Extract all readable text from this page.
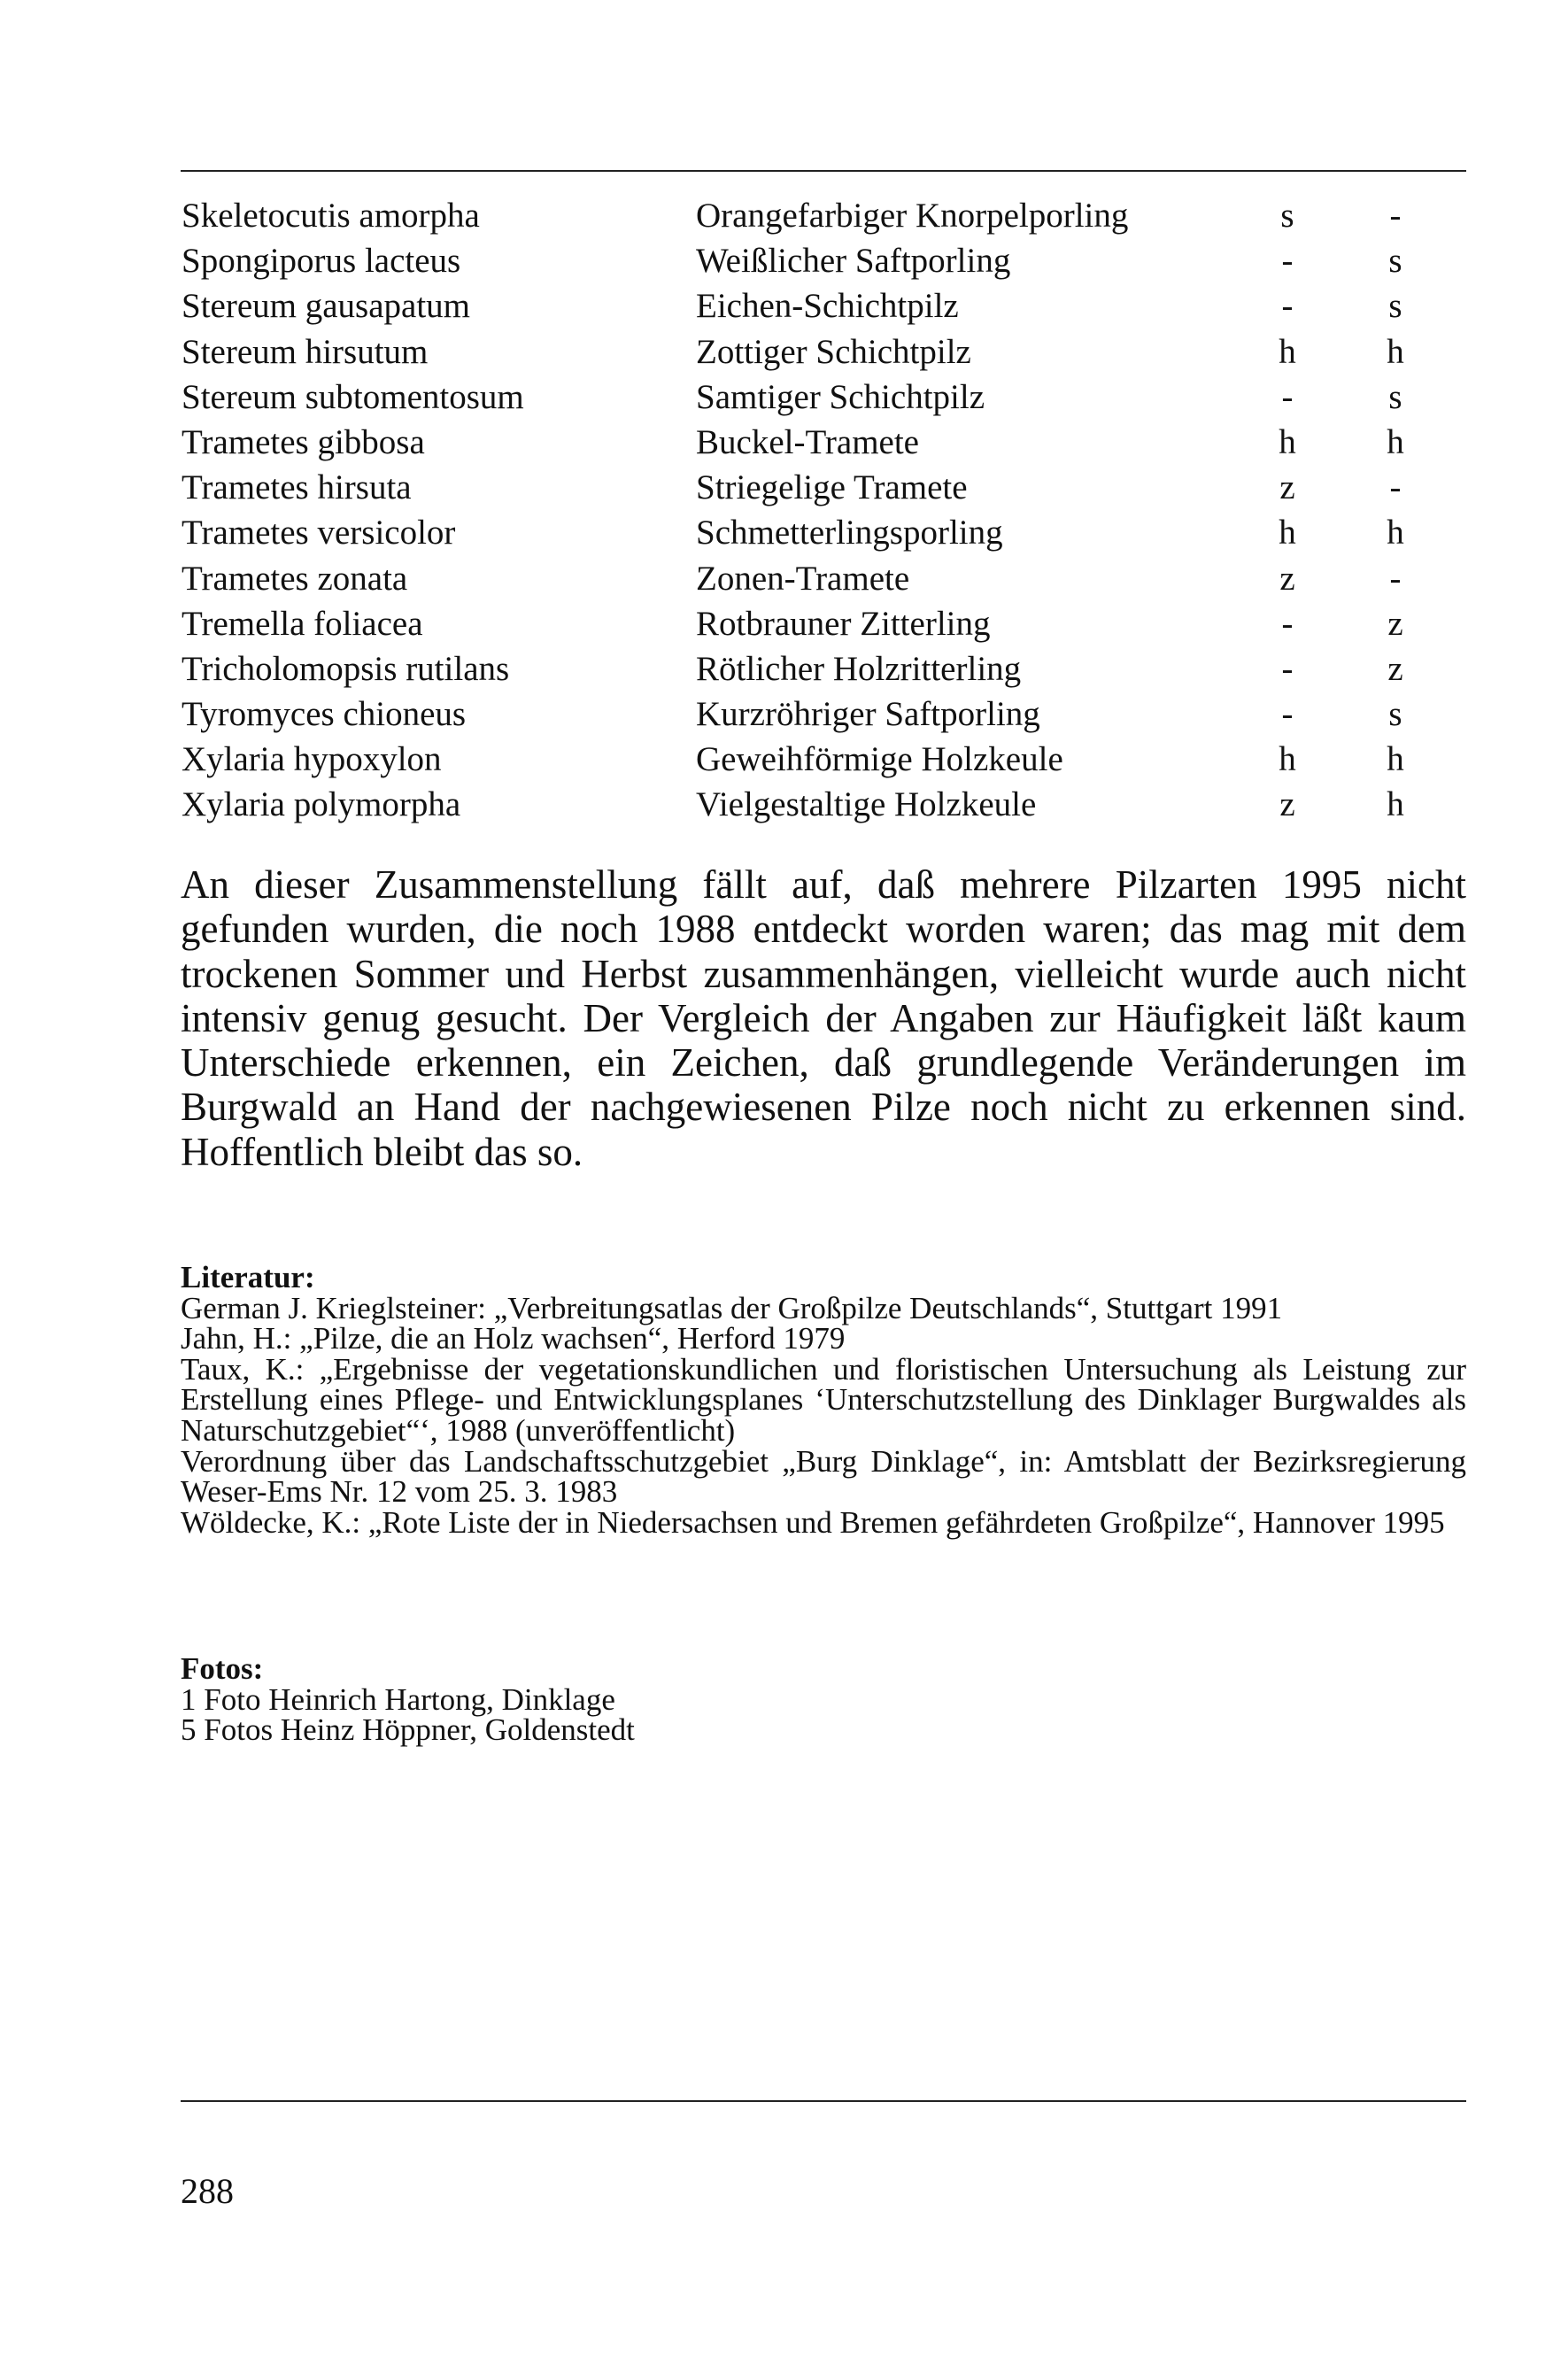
Skeletocutis amorpha	Orangefarbiger Knorpelporling	s	-
Spongiporus lacteus	Weißlicher Saftporling	-	s
Stereum gausapatum	Eichen-Schichtpilz	-	s
Stereum hirsutum	Zottiger Schichtpilz	h	h
Stereum subtomentosum	Samtiger Schichtpilz	-	s
Trametes gibbosa	Buckel-Tramete	h	h
Trametes hirsuta	Striegelige Tramete	z	-
Trametes versicolor	Schmetterlingsporling	h	h
Trametes zonata	Zonen-Tramete	z	-
Tremella foliacea	Rotbrauner Zitterling	-	z
Tricholomopsis rutilans	Rötlicher Holzritterling	-	z
Tyromyces chioneus	Kurzröhriger Saftporling	-	s
Xylaria hypoxylon	Geweihförmige Holzkeule	h	h
Xylaria polymorpha	Vielgestaltige Holzkeule	z	h

An dieser Zusammenstellung fällt auf, daß mehrere Pilzarten 1995 nicht gefunden wurden, die noch 1988 entdeckt worden waren; das mag mit dem trockenen Sommer und Herbst zusammenhängen, vielleicht wurde auch nicht intensiv genug gesucht. Der Vergleich der Angaben zur Häufigkeit läßt kaum Unterschiede erkennen, ein Zeichen, daß grundlegende Veränderungen im Burgwald an Hand der nachgewiesenen Pilze noch nicht zu erkennen sind. Hoffentlich bleibt das so.

Literatur:
German J. Krieglsteiner: „Verbreitungsatlas der Großpilze Deutschlands“, Stuttgart 1991
Jahn, H.: „Pilze, die an Holz wachsen“, Herford 1979
Taux, K.: „Ergebnisse der vegetationskundlichen und floristischen Untersuchung als Leistung zur Erstellung eines Pflege- und Entwicklungsplanes ‘Unterschutzstellung des Dinklager Burgwaldes als Naturschutzgebiet“‘, 1988 (unveröffentlicht)
Verordnung über das Landschaftsschutzgebiet „Burg Dinklage“, in: Amtsblatt der Bezirksregierung Weser-Ems Nr. 12 vom 25. 3. 1983
Wöldecke, K.: „Rote Liste der in Niedersachsen und Bremen gefährdeten Großpilze“, Hannover 1995
Fotos:
1 Foto Heinrich Hartong, Dinklage
5 Fotos Heinz Höppner, Goldenstedt
288
